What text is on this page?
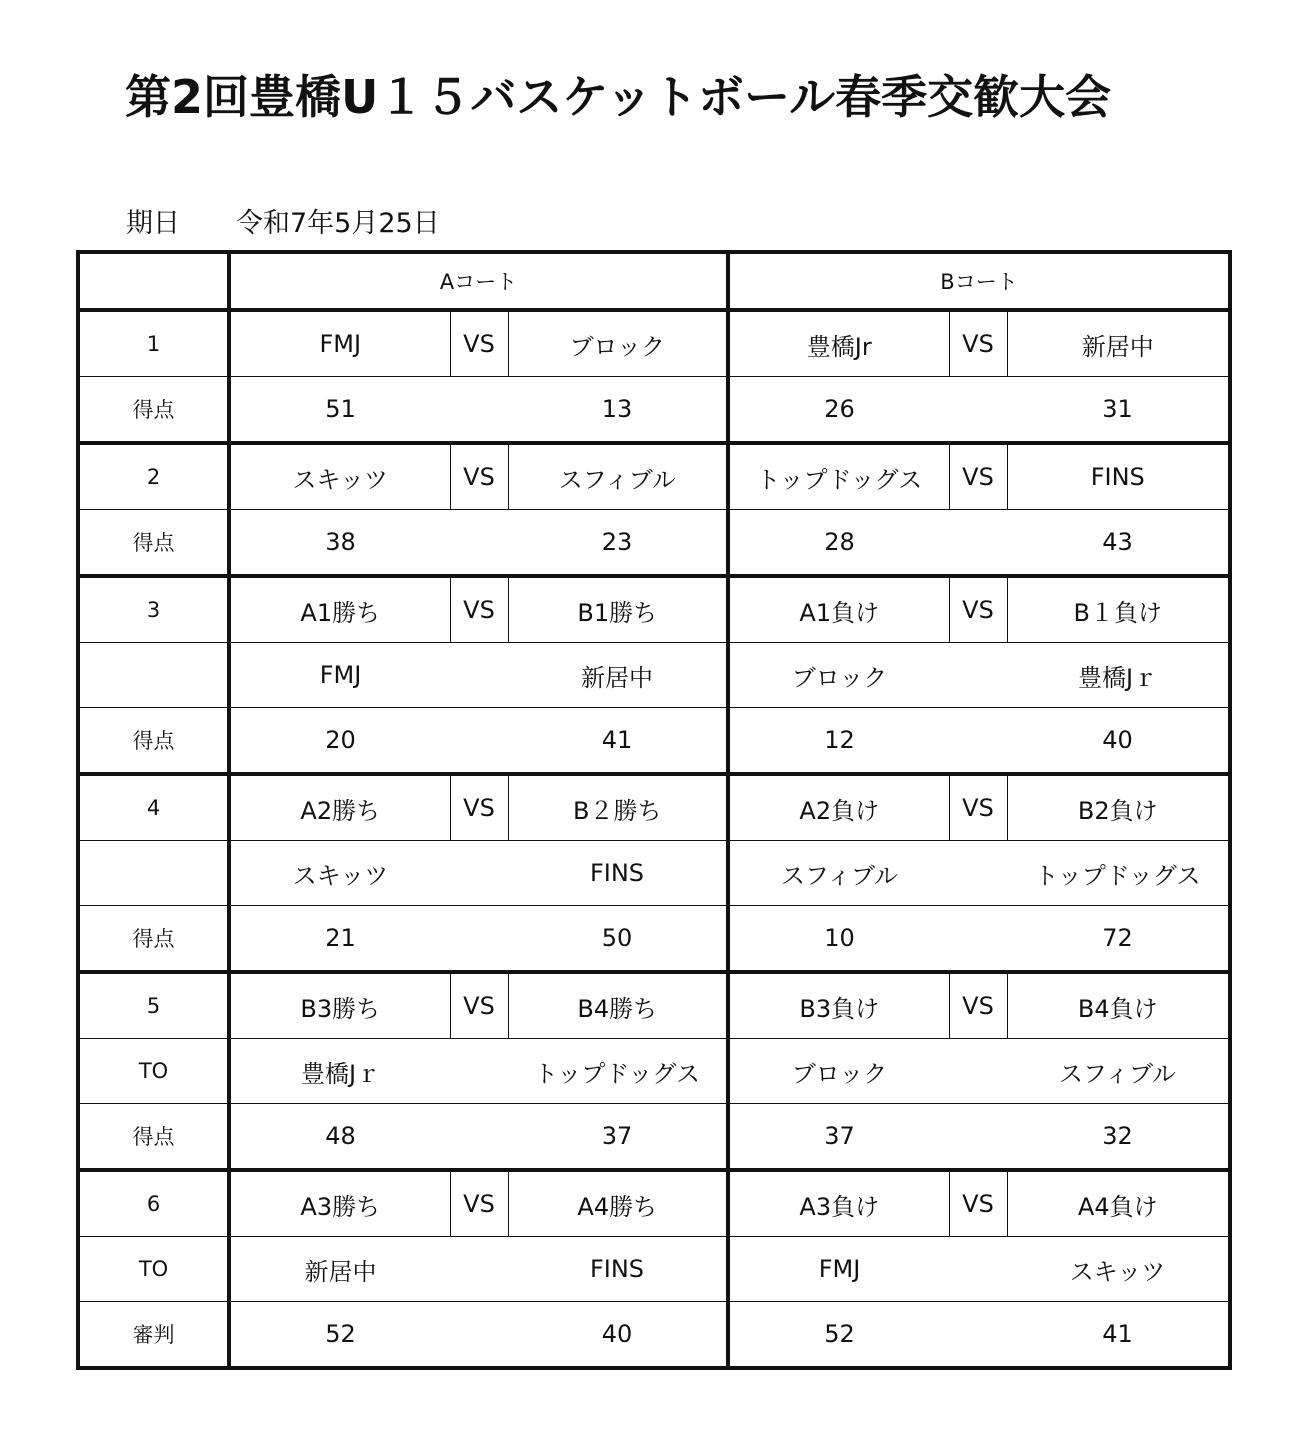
第2回豊橋U１５バスケットボール春季交歓大会
期日 令和7年5月25日
	Aコート			Bコート		
1	FMJ	VS	ブロック	豊橋Jr	VS	新居中
得点	51		13	26		31
2	スキッツ	VS	スフィブル	トップドッグス	VS	FINS
得点	38		23	28		43
3	A1勝ち	VS	B1勝ち	A1負け	VS	B１負け
	FMJ		新居中	ブロック		豊橋Jｒ
得点	20		41	12		40
4	A2勝ち	VS	B２勝ち	A2負け	VS	B2負け
	スキッツ		FINS	スフィブル		トップドッグス
得点	21		50	10		72
5	B3勝ち	VS	B4勝ち	B3負け	VS	B4負け
TO	豊橋Jｒ		トップドッグス	ブロック		スフィブル
得点	48		37	37		32
6	A3勝ち	VS	A4勝ち	A3負け	VS	A4負け
TO	新居中		FINS	FMJ		スキッツ
審判	52		40	52		41
